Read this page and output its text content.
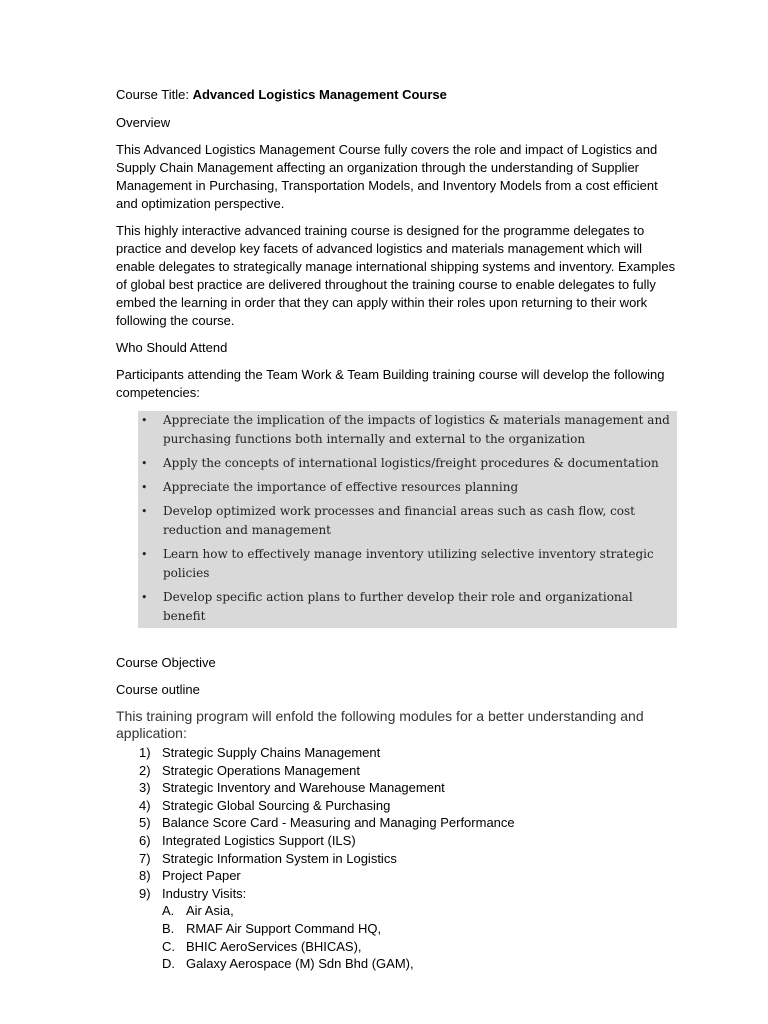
Course Title: Advanced Logistics Management Course

Overview

This Advanced Logistics Management Course fully covers the role and impact of Logistics and Supply Chain Management affecting an organization through the understanding of Supplier Management in Purchasing, Transportation Models, and Inventory Models from a cost efficient and optimization perspective.

This highly interactive advanced training course is designed for the programme delegates to practice and develop key facets of advanced logistics and materials management which will enable delegates to strategically manage international shipping systems and inventory. Examples of global best practice are delivered throughout the training course to enable delegates to fully embed the learning in order that they can apply within their roles upon returning to their work following the course.

Who Should Attend

Participants attending the Team Work & Team Building training course will develop the following competencies:

• Appreciate the implication of the impacts of logistics & materials management and purchasing functions both internally and external to the organization
• Apply the concepts of international logistics/freight procedures & documentation
• Appreciate the importance of effective resources planning
• Develop optimized work processes and financial areas such as cash flow, cost reduction and management
• Learn how to effectively manage inventory utilizing selective inventory strategic policies
• Develop specific action plans to further develop their role and organizational benefit

Course Objective

Course outline

This training program will enfold the following modules for a better understanding and application:

1) Strategic Supply Chains Management
2) Strategic Operations Management
3) Strategic Inventory and Warehouse Management
4) Strategic Global Sourcing & Purchasing
5) Balance Score Card - Measuring and Managing Performance
6) Integrated Logistics Support (ILS)
7) Strategic Information System in Logistics
8) Project Paper
9) Industry Visits:
A. Air Asia,
B. RMAF Air Support Command HQ,
C. BHIC AeroServices (BHICAS),
D. Galaxy Aerospace (M) Sdn Bhd (GAM),
